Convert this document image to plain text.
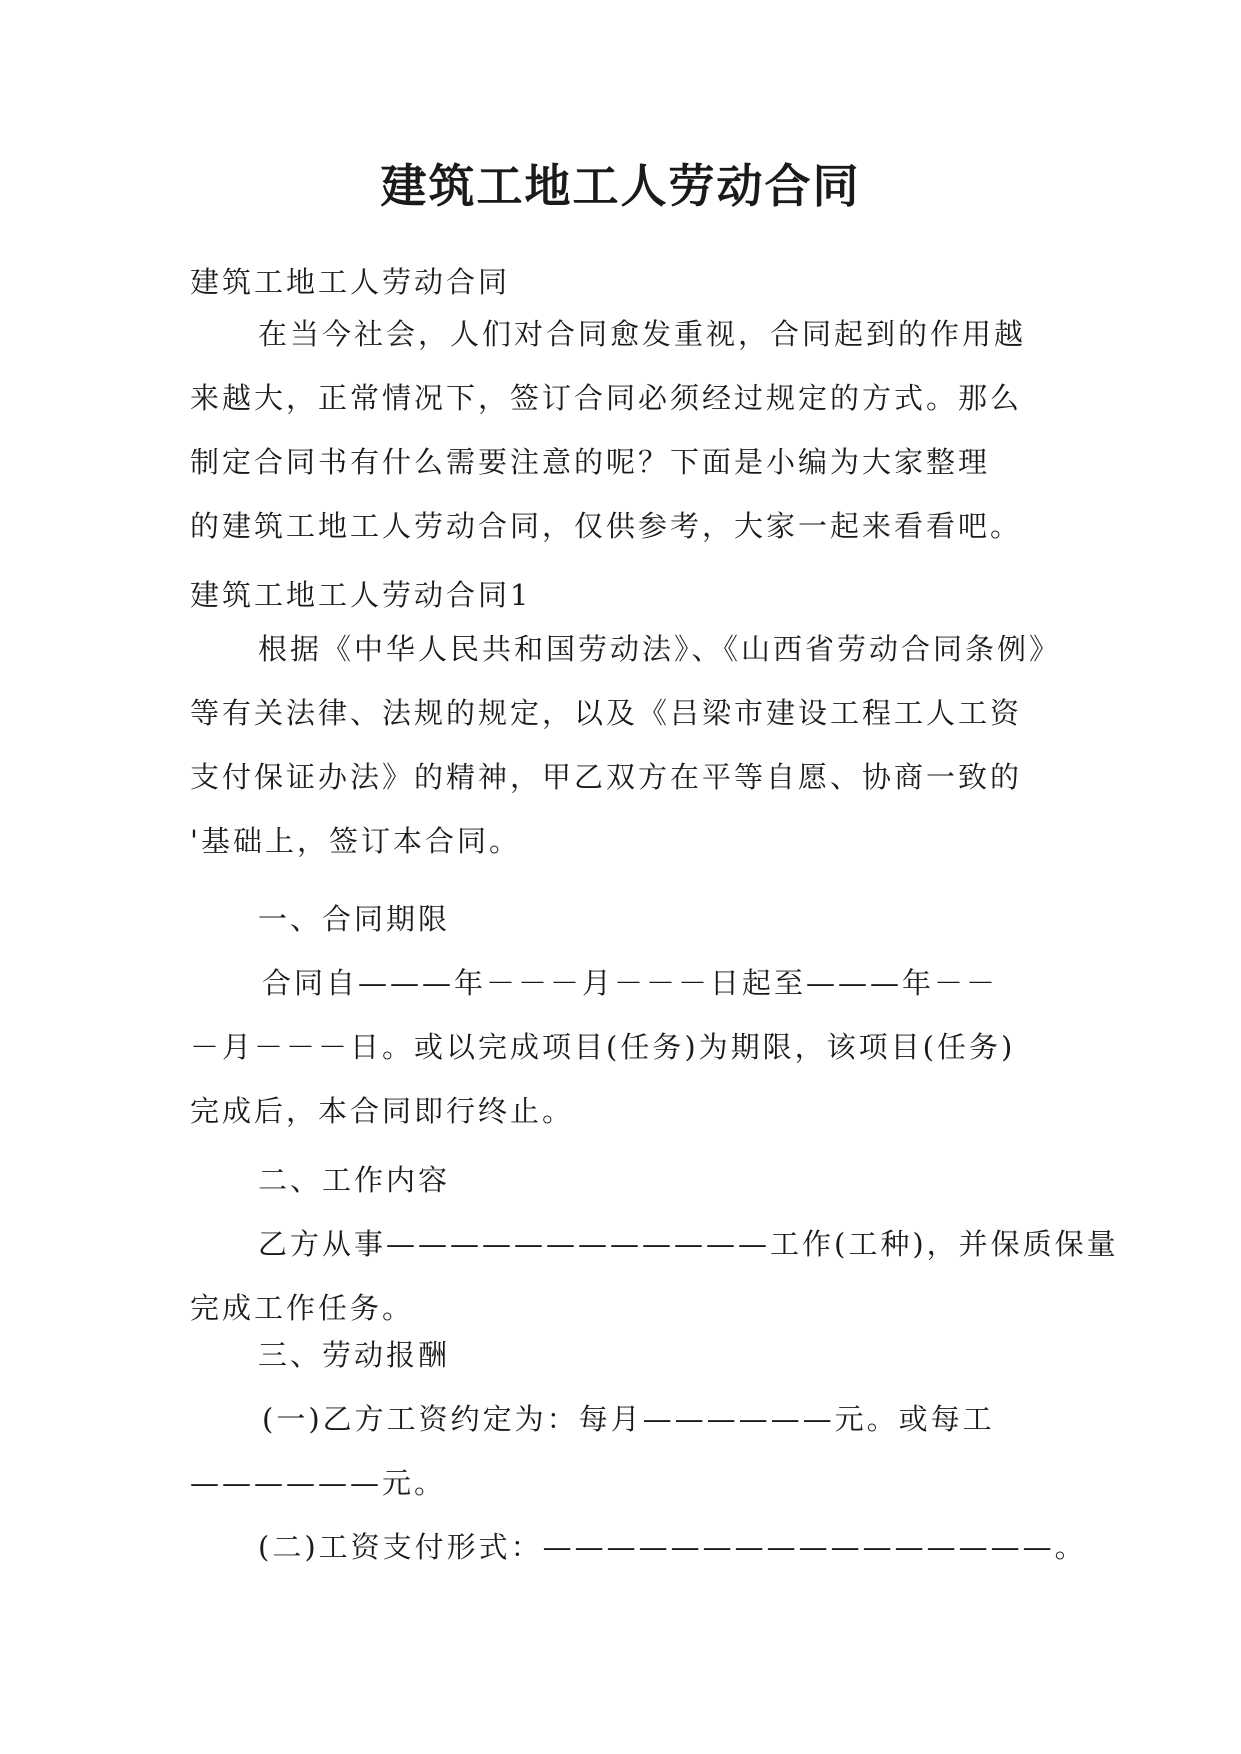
建筑工地工人劳动合同
建筑工地工人劳动合同
在当今社会，人们对合同愈发重视，合同起到的作用越
来越大，正常情况下，签订合同必须经过规定的方式。那么
制定合同书有什么需要注意的呢？下面是小编为大家整理
的建筑工地工人劳动合同，仅供参考，大家一起来看看吧。
建筑工地工人劳动合同1
根据《中华人民共和国劳动法》、《山西省劳动合同条例》
等有关法律、法规的规定，以及《吕梁市建设工程工人工资
支付保证办法》的精神，甲乙双方在平等自愿、协商一致的
'基础上，签订本合同。
一、合同期限
合同自———年－－－月－－－日起至———年－－
－月－－－日。或以完成项目(任务)为期限，该项目(任务)
完成后，本合同即行终止。
二、工作内容
乙方从事————————————工作(工种)，并保质保量
完成工作任务。
三、劳动报酬
(一)乙方工资约定为：每月——————元。或每工
——————元。
(二)工资支付形式：————————————————。
